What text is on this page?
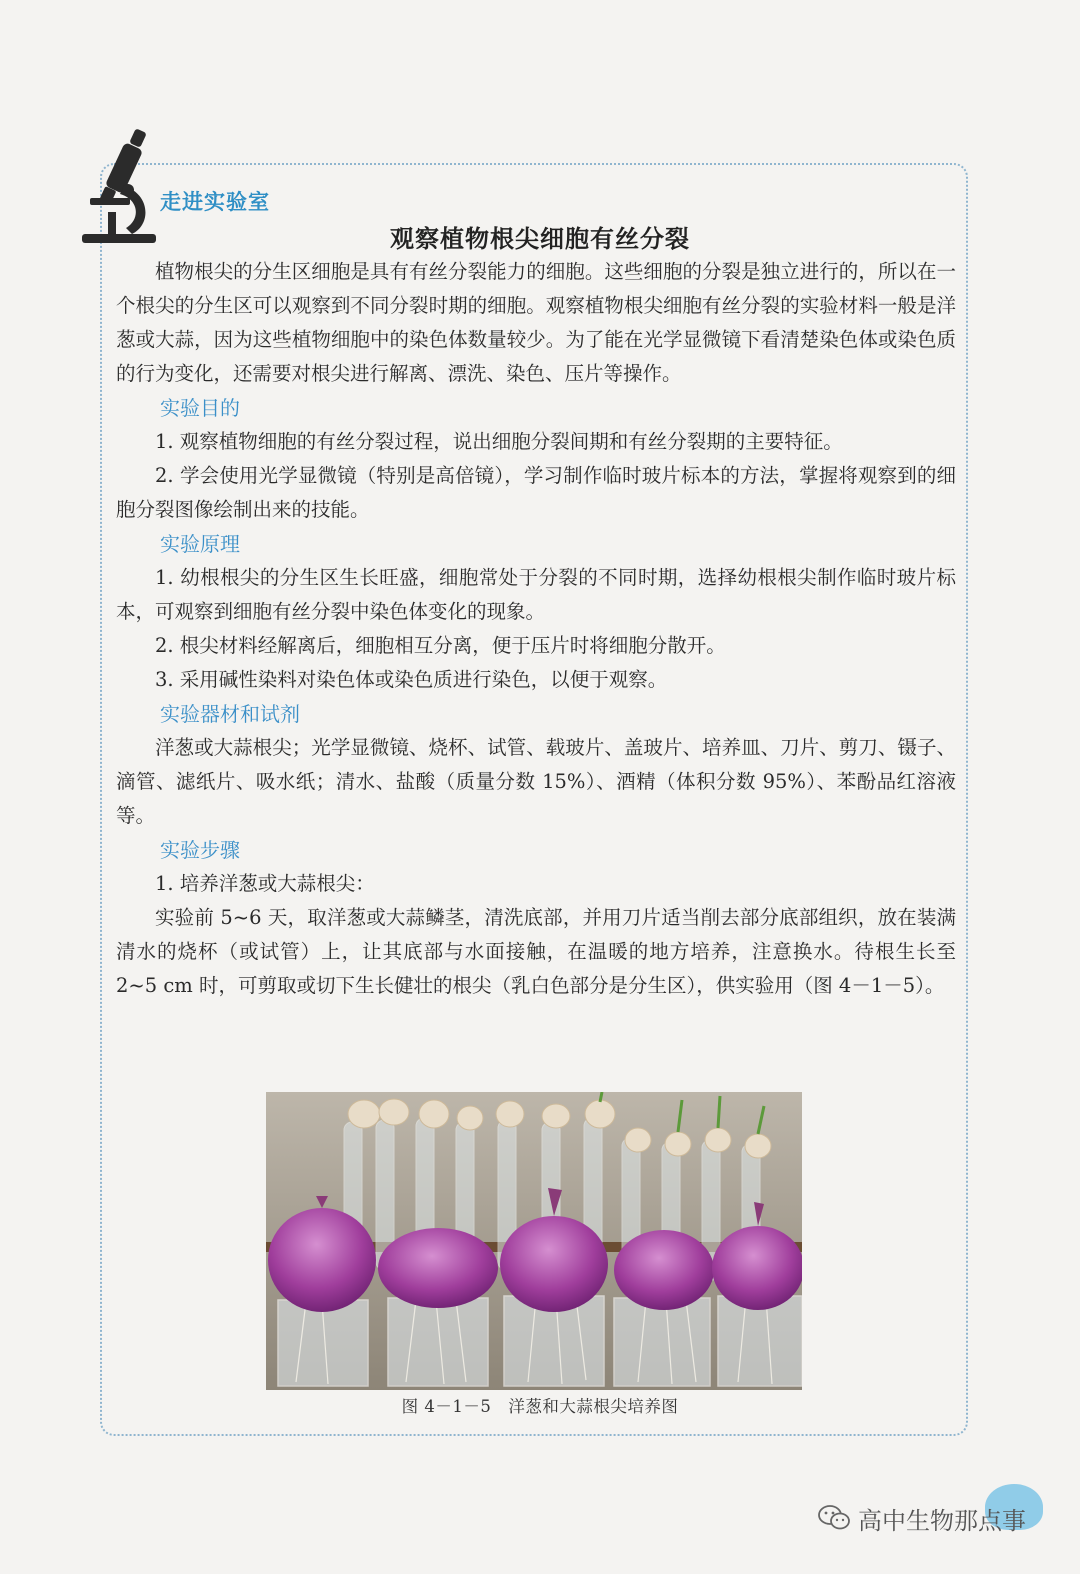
走进实验室
观察植物根尖细胞有丝分裂

植物根尖的分生区细胞是具有有丝分裂能力的细胞。这些细胞的分裂是独立进行的，所以在一个根尖的分生区可以观察到不同分裂时期的细胞。观察植物根尖细胞有丝分裂的实验材料一般是洋葱或大蒜，因为这些植物细胞中的染色体数量较少。为了能在光学显微镜下看清楚染色体或染色质的行为变化，还需要对根尖进行解离、漂洗、染色、压片等操作。

实验目的

1. 观察植物细胞的有丝分裂过程，说出细胞分裂间期和有丝分裂期的主要特征。

2. 学会使用光学显微镜（特别是高倍镜），学习制作临时玻片标本的方法，掌握将观察到的细胞分裂图像绘制出来的技能。

实验原理

1. 幼根根尖的分生区生长旺盛，细胞常处于分裂的不同时期，选择幼根根尖制作临时玻片标本，可观察到细胞有丝分裂中染色体变化的现象。

2. 根尖材料经解离后，细胞相互分离，便于压片时将细胞分散开。

3. 采用碱性染料对染色体或染色质进行染色，以便于观察。

实验器材和试剂

洋葱或大蒜根尖；光学显微镜、烧杯、试管、载玻片、盖玻片、培养皿、刀片、剪刀、镊子、滴管、滤纸片、吸水纸；清水、盐酸（质量分数 15%）、酒精（体积分数 95%）、苯酚品红溶液等。

实验步骤

1. 培养洋葱或大蒜根尖：

实验前 5~6 天，取洋葱或大蒜鳞茎，清洗底部，并用刀片适当削去部分底部组织，放在装满清水的烧杯（或试管）上，让其底部与水面接触，在温暖的地方培养，注意换水。待根生长至 2~5 cm 时，可剪取或切下生长健壮的根尖（乳白色部分是分生区），供实验用（图 4－1－5）。

图 4－1－5　洋葱和大蒜根尖培养图
高中生物那点事
